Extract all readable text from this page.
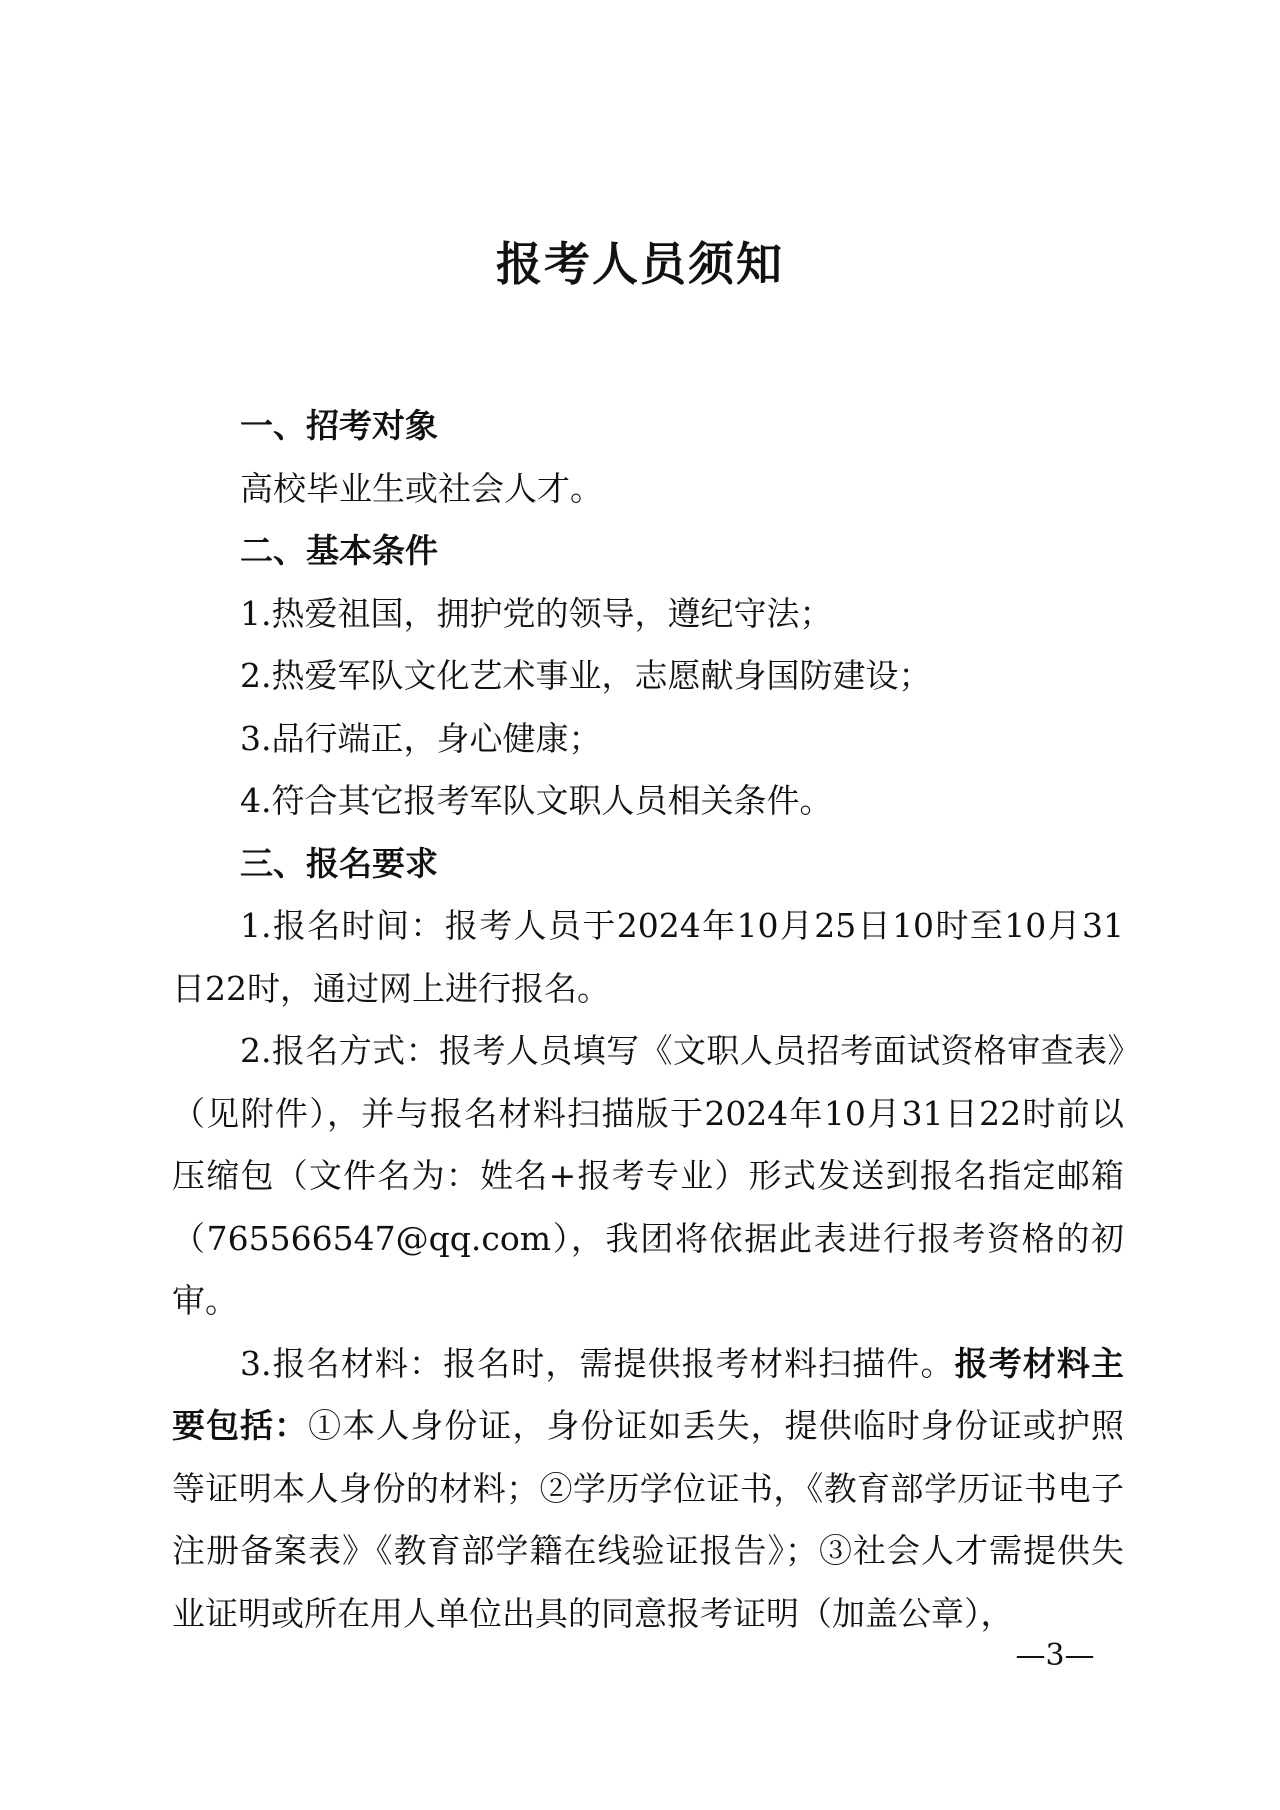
报考人员须知

一、招考对象

高校毕业生或社会人才。

二、基本条件

1.热爱祖国，拥护党的领导，遵纪守法；

2.热爱军队文化艺术事业，志愿献身国防建设；

3.品行端正，身心健康；

4.符合其它报考军队文职人员相关条件。

三、报名要求

1.报名时间：报考人员于2024年10月25日10时至10月31日22时，通过网上进行报名。

2.报名方式：报考人员填写《文职人员招考面试资格审查表》（见附件），并与报名材料扫描版于2024年10月31日22时前以压缩包（文件名为：姓名+报考专业）形式发送到报名指定邮箱（765566547@qq.com），我团将依据此表进行报考资格的初审。

3.报名材料：报名时，需提供报考材料扫描件。报考材料主要包括：①本人身份证，身份证如丢失，提供临时身份证或护照等证明本人身份的材料；②学历学位证书，《教育部学历证书电子注册备案表》《教育部学籍在线验证报告》；③社会人才需提供失业证明或所在用人单位出具的同意报考证明（加盖公章），

—3—
